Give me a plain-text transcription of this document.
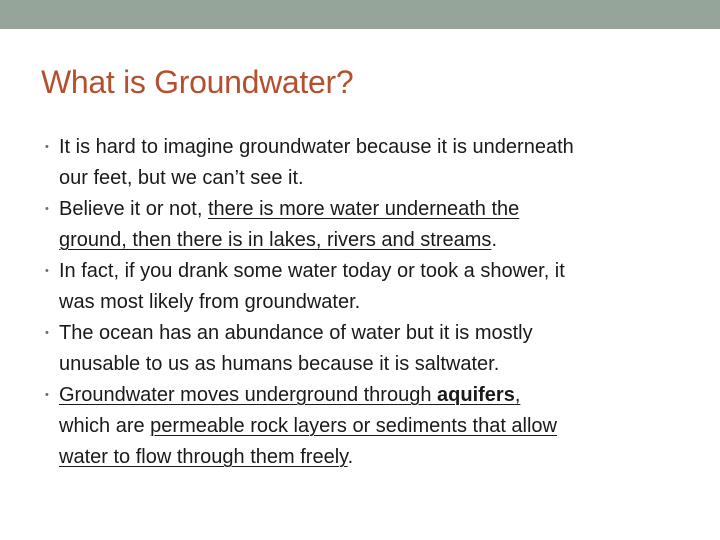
What is Groundwater?
• It is hard to imagine groundwater because it is underneath
our feet, but we can’t see it.
• Believe it or not, there is more water underneath the
ground, then there is in lakes, rivers and streams.
• In fact, if you drank some water today or took a shower, it
was most likely from groundwater.
• The ocean has an abundance of water but it is mostly
unusable to us as humans because it is saltwater.
• Groundwater moves underground through aquifers,
which are permeable rock layers or sediments that allow
water to flow through them freely.
